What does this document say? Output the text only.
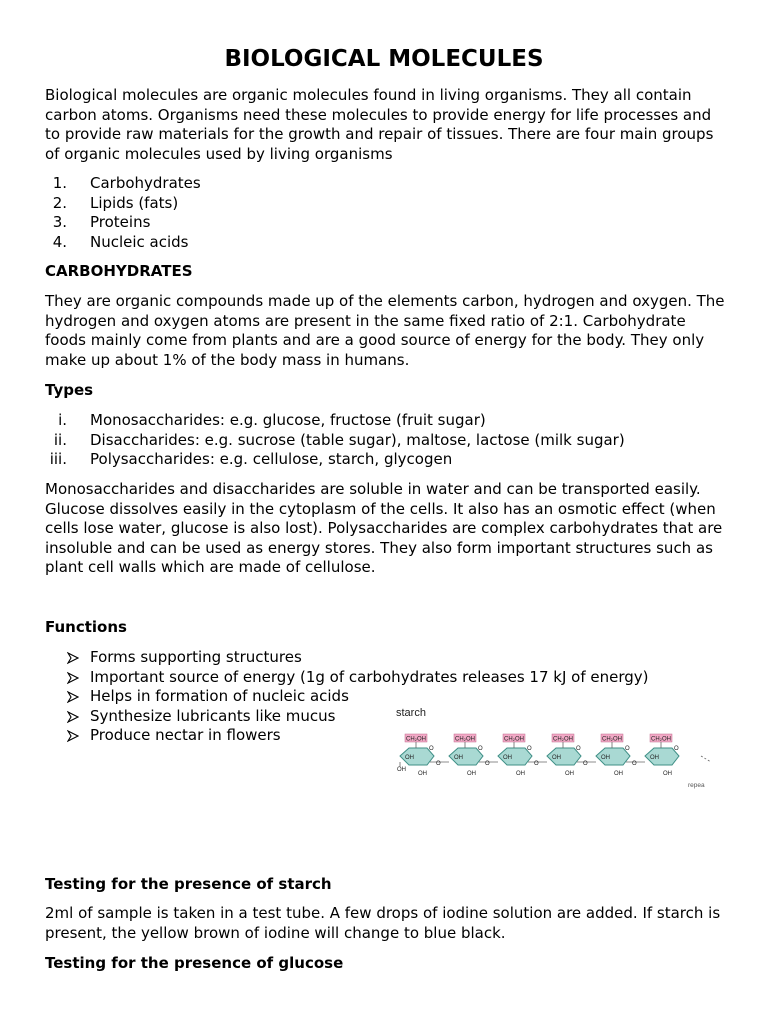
BIOLOGICAL MOLECULES

Biological molecules are organic molecules found in living organisms. They all contain carbon atoms. Organisms need these molecules to provide energy for life processes and to provide raw materials for the growth and repair of tissues. There are four main groups of organic molecules used by living organisms

1. Carbohydrates
2. Lipids (fats)
3. Proteins
4. Nucleic acids
CARBOHYDRATES

They are organic compounds made up of the elements carbon, hydrogen and oxygen. The hydrogen and oxygen atoms are present in the same fixed ratio of 2:1. Carbohydrate foods mainly come from plants and are a good source of energy for the body. They only make up about 1% of the body mass in humans.

Types
i. Monosaccharides: e.g. glucose, fructose (fruit sugar)
ii. Disaccharides: e.g. sucrose (table sugar), maltose, lactose (milk sugar)
iii. Polysaccharides: e.g. cellulose, starch, glycogen

Monosaccharides and disaccharides are soluble in water and can be transported easily. Glucose dissolves easily in the cytoplasm of the cells. It also has an osmotic effect (when cells lose water, glucose is also lost). Polysaccharides are complex carbohydrates that are insoluble and can be used as energy stores. They also form important structures such as plant cell walls which are made of cellulose.

Functions
Forms supporting structures
Important source of energy (1g of carbohydrates releases 17 kJ of energy)
Helps in formation of nucleic acids
Synthesize lubricants like mucus
Produce nectar in flowers
starch
O
CH₂OH
OH
OH
O
O
CH₂OH
OH
OH
O
O
CH₂OH
OH
OH
O
O
CH₂OH
OH
OH
O
O
CH₂OH
OH
OH
O
O
CH₂OH
OH
OH
OH
repea
Testing for the presence of starch

2ml of sample is taken in a test tube. A few drops of iodine solution are added. If starch is present, the yellow brown of iodine will change to blue black.

Testing for the presence of glucose
